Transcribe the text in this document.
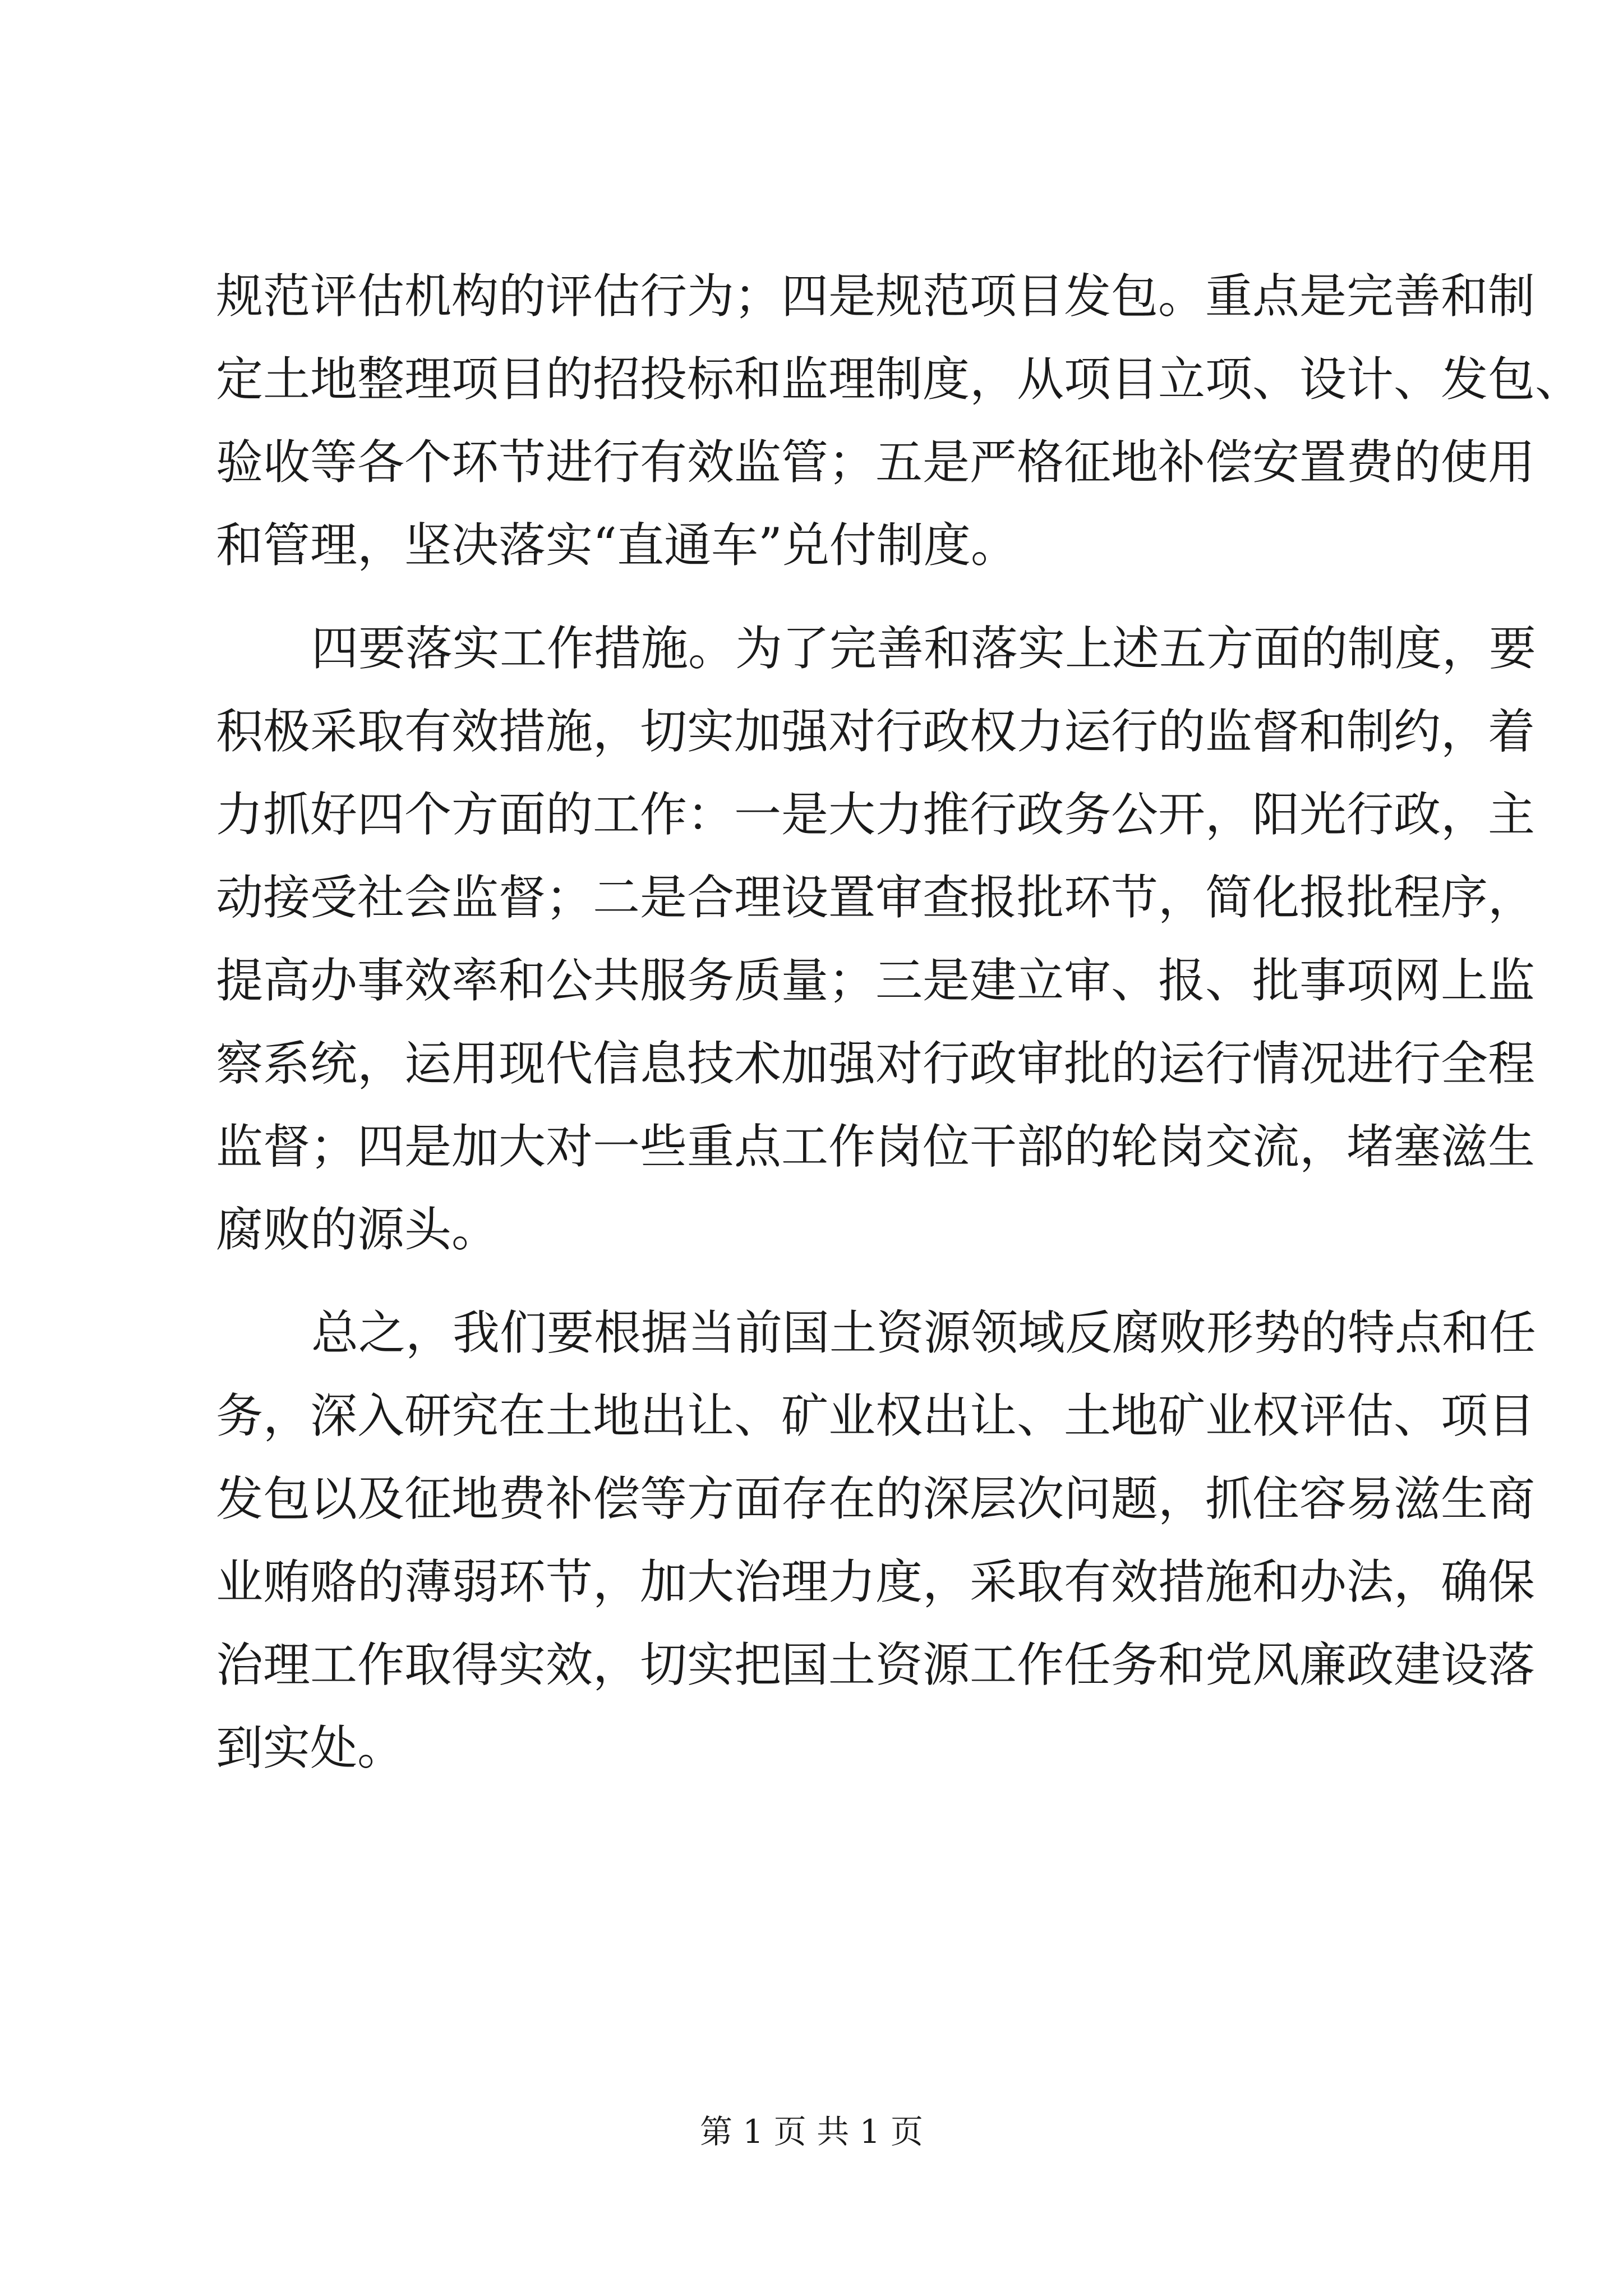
规范评估机构的评估行为；四是规范项目发包。重点是完善和制
定土地整理项目的招投标和监理制度，从项目立项、设计、发包、
验收等各个环节进行有效监管；五是严格征地补偿安置费的使用
和管理，坚决落实“直通车”兑付制度。
四要落实工作措施。为了完善和落实上述五方面的制度，要
积极采取有效措施，切实加强对行政权力运行的监督和制约，着
力抓好四个方面的工作：一是大力推行政务公开，阳光行政，主
动接受社会监督；二是合理设置审查报批环节，简化报批程序，
提高办事效率和公共服务质量；三是建立审、报、批事项网上监
察系统，运用现代信息技术加强对行政审批的运行情况进行全程
监督；四是加大对一些重点工作岗位干部的轮岗交流，堵塞滋生
腐败的源头。
总之，我们要根据当前国土资源领域反腐败形势的特点和任
务，深入研究在土地出让、矿业权出让、土地矿业权评估、项目
发包以及征地费补偿等方面存在的深层次问题，抓住容易滋生商
业贿赂的薄弱环节，加大治理力度，采取有效措施和办法，确保
治理工作取得实效，切实把国土资源工作任务和党风廉政建设落
到实处。
第 1 页 共 1 页
